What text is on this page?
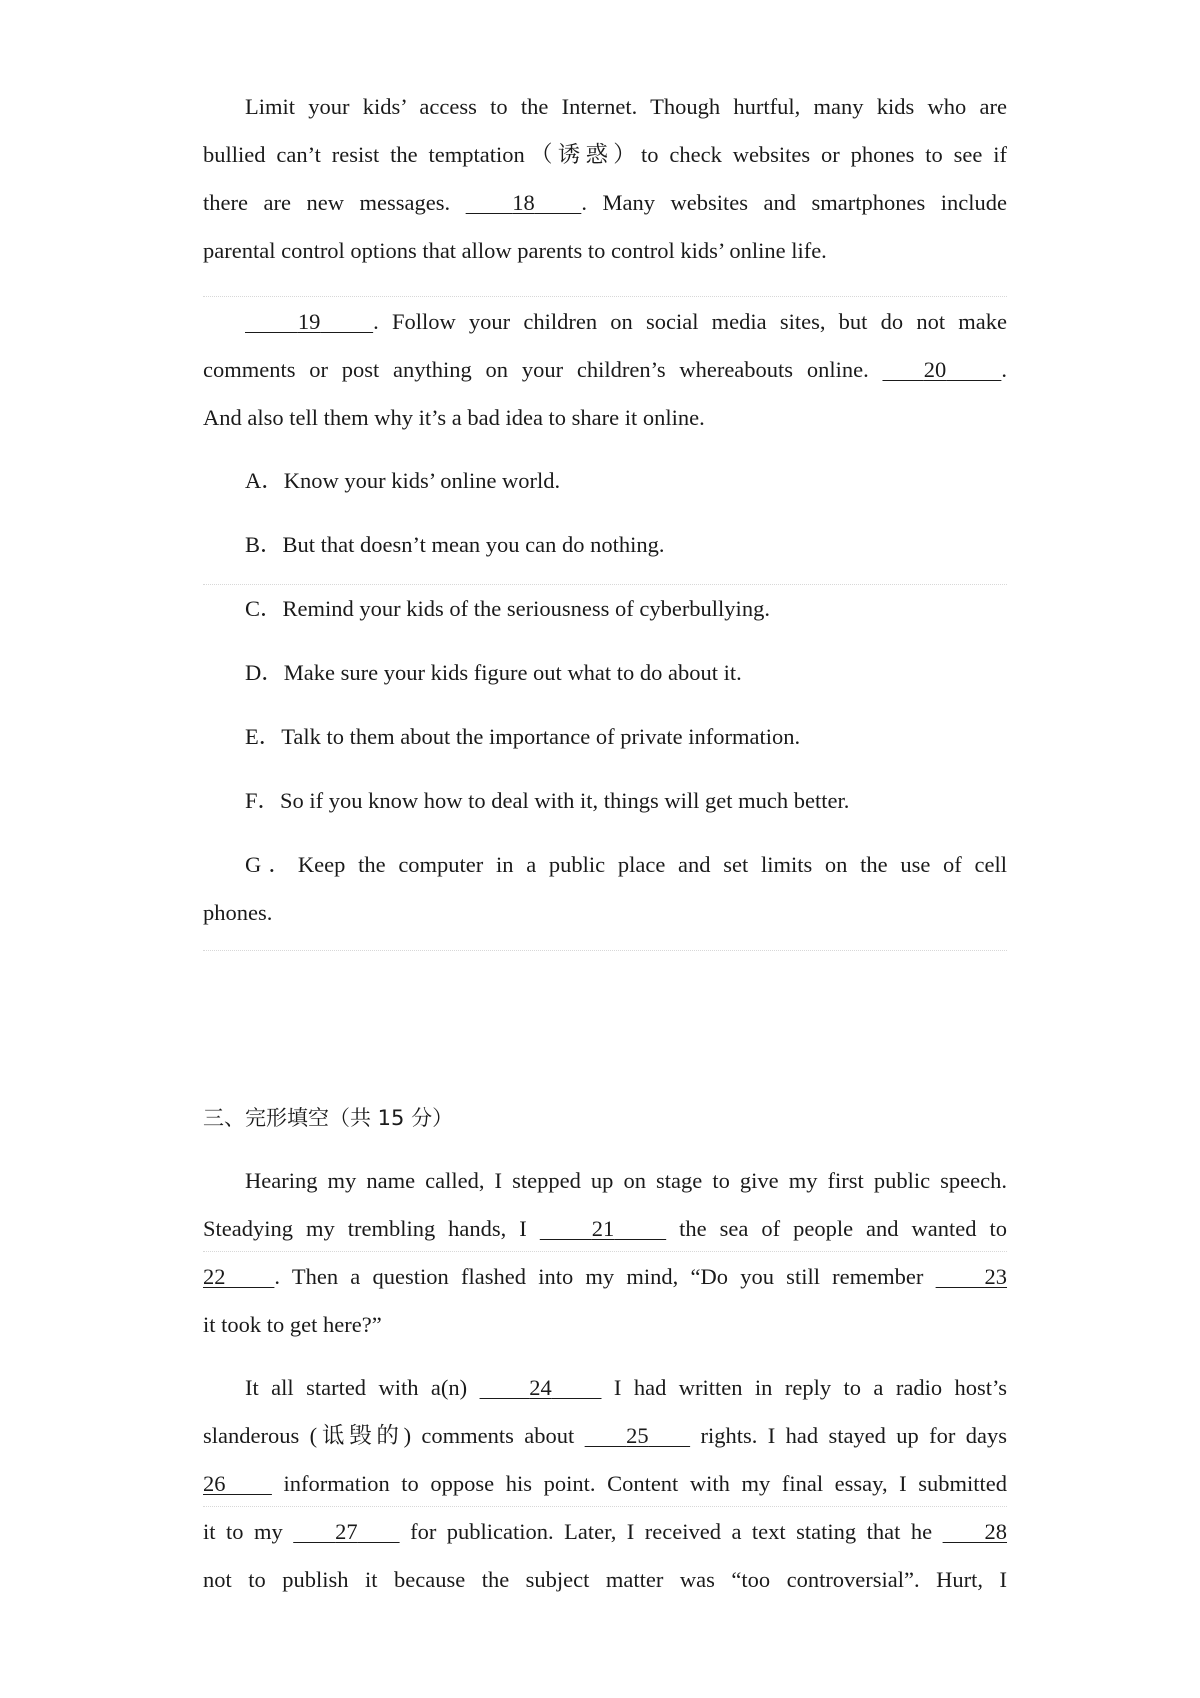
Limit your kids’ access to the Internet. Though hurtful, many kids who are
bullied can’t resist the temptation（诱惑）to check websites or phones to see if
there are new messages.    18 . Many websites and smartphones include
parental control options that allow parents to control kids’ online life.
19 . Follow your children on social media sites, but do not make
comments or post anything on your children’s whereabouts online.    20 .
And also tell them why it’s a bad idea to share it online.
A．Know your kids’ online world.
B．But that doesn’t mean you can do nothing.
C．Remind your kids of the seriousness of cyberbullying.
D．Make sure your kids figure out what to do about it.
E．Talk to them about the importance of private information.
F．So if you know how to deal with it, things will get much better.
G．Keep the computer in a public place and set limits on the use of cell
phones.
三、完形填空（共 15 分）
Hearing my name called, I stepped up on stage to give my first public speech.
Steadying my trembling hands, I     21     the sea of people and wanted to
22 . Then a question flashed into my mind, “Do you still remember     23
it took to get here?”
It all started with a(n)     24     I had written in reply to a radio host’s
slanderous (诋毁的) comments about     25     rights. I had stayed up for days
26     information to oppose his point. Content with my final essay, I submitted
it to my     27     for publication. Later, I received a text stating that he     28
not to publish it because the subject matter was “too controversial”. Hurt, I
